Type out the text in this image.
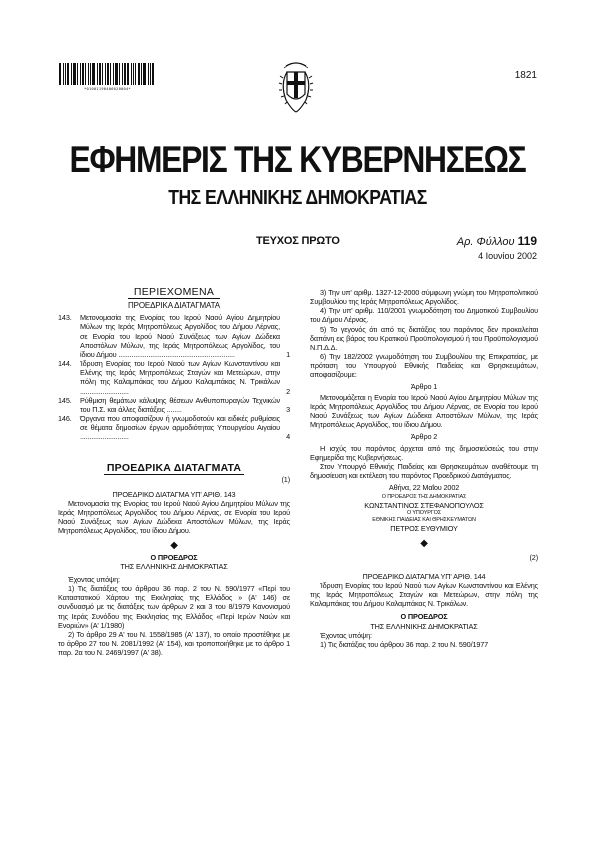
*01001190406020004*
1821
ΕΦΗΜΕΡΙΣ ΤΗΣ ΚΥΒΕΡΝΗΣΕΩΣ
ΤΗΣ ΕΛΛΗΝΙΚΗΣ ΔΗΜΟΚΡΑΤΙΑΣ
ΤΕΥΧΟΣ ΠΡΩΤΟ	Αρ. Φύλλου 119
4 Ιουνίου 2002
ΠΕΡΙΕΧΟΜΕΝΑ
ΠΡΟΕΔΡΙΚΑ ΔΙΑΤΑΓΜΑΤΑ
143.	Μετονομασία της Ενορίας του Ιερού Ναού Αγίου Δημητρίου Μύλων της Ιεράς Μητροπόλεως Αργολίδος του Δήμου Λέρνας, σε Ενορία του Ιερού Ναού Συνάξεως των Αγίων Δώδεκα Αποστόλων Μύλων, της Ιεράς Μητροπόλεως Αργολίδος, του ίδιου Δήμου ..............................................................	1
144.	Ίδρυση Ενορίας του Ιερού Ναού των Αγίων Κωνσταντίνου και Ελένης της Ιεράς Μητροπόλεως Σταγών και Μετεώρων, στην πόλη της Καλαμπάκας του Δήμου Καλαμπάκας Ν. Τρικάλων ..........................	2
145.	Ρύθμιση θεμάτων κάλυψης θέσεων Ανθυποπυραγών Τεχνικών του Π.Σ. και άλλες διατάξεις ........	3
146.	Όργανα που αποφασίζουν ή γνωμοδοτούν και ειδικές ρυθμίσεις σε θέματα δημοσίων έργων αρμοδιότητας Υπουργείου Αιγαίου ..........................	4
ΠΡΟΕΔΡΙΚΑ ΔΙΑΤΑΓΜΑΤΑ
(1)

ΠΡΟΕΔΡΙΚΟ ΔΙΑΤΑΓΜΑ ΥΠ' ΑΡΙΘ. 143

Μετονομασία της Ενορίας του Ιερού Ναού Αγίου Δημητρίου Μύλων της Ιεράς Μητροπόλεως Αργολίδος του Δήμου Λέρνας, σε Ενορία του Ιερού Ναού Συνάξεως των Αγίων Δώδεκα Αποστόλων Μύλων, της Ιεράς Μητροπόλεως Αργολίδος, του ίδιου Δήμου.

◆

Ο ΠΡΟΕΔΡΟΣ

ΤΗΣ ΕΛΛΗΝΙΚΗΣ ΔΗΜΟΚΡΑΤΙΑΣ

Έχοντας υπόψη:

1) Τις διατάξεις του άρθρου 36 παρ. 2 του Ν. 590/1977 «Περί του Καταστατικού Χάρτου της Εκκλησίας της Ελλάδος » (Α' 146) σε συνδυασμό με τις διατάξεις των άρθρων 2 και 3 του 8/1979 Κανονισμού της Ιεράς Συνόδου της Εκκλησίας της Ελλάδος «Περί Ιερών Ναών και Ενοριών» (Α' 1/1980)

2) Το άρθρο 29 Α' του Ν. 1558/1985 (Α' 137), το οποίο προστέθηκε με το άρθρο 27 του Ν. 2081/1992 (Α' 154), και τροποποιήθηκε με το άρθρο 1 παρ. 2α του Ν. 2469/1997 (Α' 38).

3) Την υπ' αριθμ. 1327-12-2000 σύμφωνη γνώμη του Μητροπολιτικού Συμβουλίου της Ιεράς Μητροπόλεως Αργολίδος.

4) Την υπ' αριθμ. 110/2001 γνωμοδότηση του Δημοτικού Συμβουλίου του Δήμου Λέρνας.

5) Το γεγονός ότι από τις διατάξεις του παρόντος δεν προκαλείται δαπάνη εις βάρος του Κρατικού Προϋπολογισμού ή του Προϋπολογισμού Ν.Π.Δ.Δ.

6) Την 182/2002 γνωμοδότηση του Συμβουλίου της Επικρατείας, με πρόταση του Υπουργού Εθνικής Παιδείας και Θρησκευμάτων, αποφασίζουμε:

Άρθρο 1

Μετονομάζεται η Ενορία του Ιερού Ναού Αγίου Δημητρίου Μύλων της Ιεράς Μητροπόλεως Αργολίδος του Δήμου Λέρνας, σε Ενορία του Ιερού Ναού Συνάξεως των Αγίων Δώδεκα Αποστόλων Μύλων, της Ιεράς Μητροπόλεως Αργολίδος, του ίδιου Δήμου.

Άρθρο 2

Η ισχύς του παρόντος άρχεται από της δημοσιεύσεώς του στην Εφημερίδα της Κυβερνήσεως.

Στον Υπουργό Εθνικής Παιδείας και Θρησκευμάτων αναθέτουμε τη δημοσίευση και εκτέλεση του παρόντος Προεδρικού Διατάγματος.

Αθήνα, 22 Μαΐου 2002

Ο ΠΡΟΕΔΡΟΣ ΤΗΣ ΔΗΜΟΚΡΑΤΙΑΣ

ΚΩΝΣΤΑΝΤΙΝΟΣ ΣΤΕΦΑΝΟΠΟΥΛΟΣ

Ο ΥΠΟΥΡΓΟΣ

ΕΘΝΙΚΗΣ ΠΑΙΔΕΙΑΣ ΚΑΙ ΘΡΗΣΚΕΥΜΑΤΩΝ

ΠΕΤΡΟΣ ΕΥΘΥΜΙΟΥ

◆
(2)

ΠΡΟΕΔΡΙΚΟ ΔΙΑΤΑΓΜΑ ΥΠ' ΑΡΙΘ. 144

Ίδρυση Ενορίας του Ιερού Ναού των Αγίων Κωνσταντίνου και Ελένης της Ιεράς Μητροπόλεως Σταγών και Μετεώρων, στην πόλη της Καλαμπάκας του Δήμου Καλαμπάκας Ν. Τρικάλων.

Ο ΠΡΟΕΔΡΟΣ

ΤΗΣ ΕΛΛΗΝΙΚΗΣ ΔΗΜΟΚΡΑΤΙΑΣ

Έχοντας υπόψη:

1) Τις διατάξεις του άρθρου 36 παρ. 2 του Ν. 590/1977
